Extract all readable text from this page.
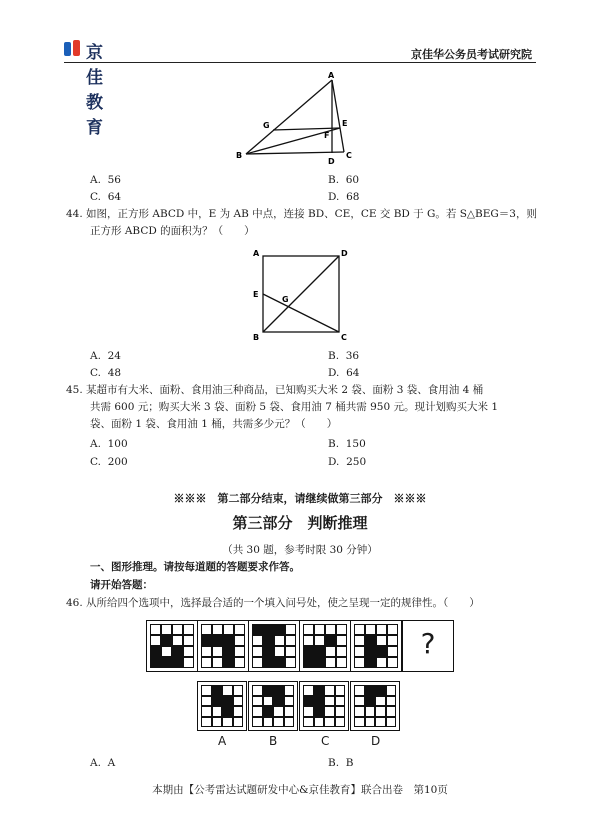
京佳教育
京佳华公务员考试研究院
A
G	E
F
B
D
C
A. 56	B. 60
C. 64	D. 68
44. 如图，正方形 ABCD 中，E 为 AB 中点，连接 BD、CE，CE 交 BD 于 G。若 S△BEG＝3，则
正方形 ABCD 的面积为？（　　）
A	D
E
G
B	C
A. 24	B. 36
C. 48	D. 64
45. 某超市有大米、面粉、食用油三种商品，已知购买大米 2 袋、面粉 3 袋、食用油 4 桶
共需 600 元；购买大米 3 袋、面粉 5 袋、食用油 7 桶共需 950 元。现计划购买大米 1
袋、面粉 1 袋、食用油 1 桶，共需多少元？（　　）
A. 100	B. 150
C. 200	D. 250
※※※　第二部分结束，请继续做第三部分　※※※
第三部分　判断推理
（共 30 题，参考时限 30 分钟）
一、图形推理。请按每道题的答题要求作答。
请开始答题：
46. 从所给四个选项中，选择最合适的一个填入问号处，使之呈现一定的规律性。（　　）
?
A	B	C	D
A. A	B. B
本期由【公考雷达试题研发中心&京佳教育】联合出卷　第10页
